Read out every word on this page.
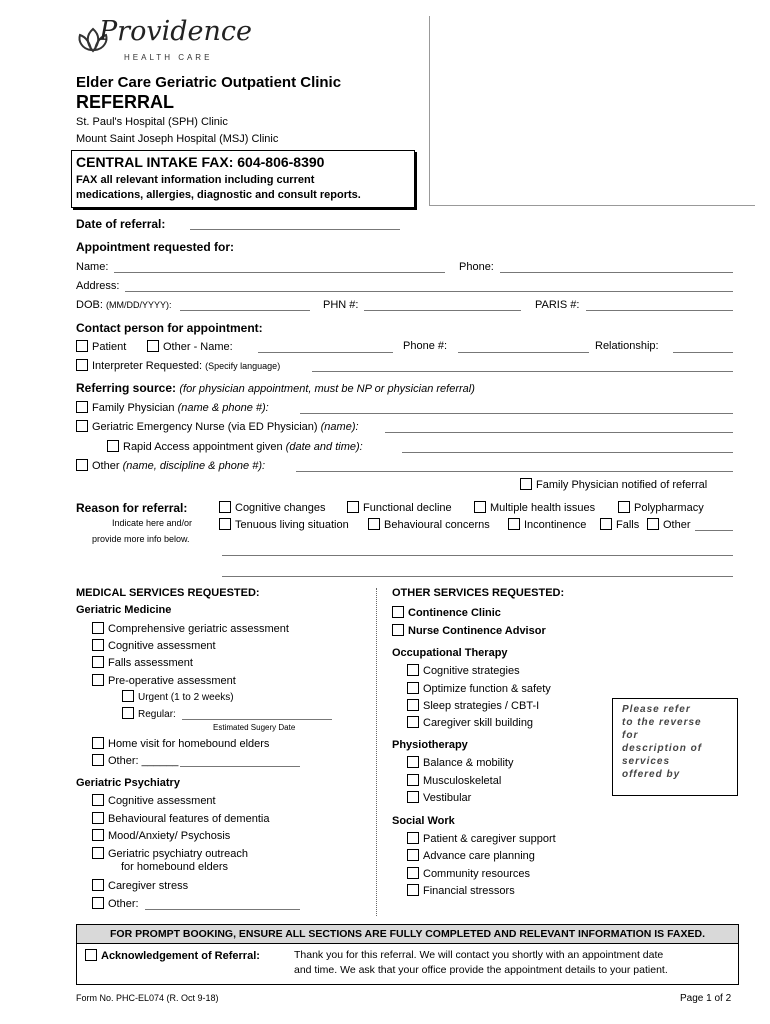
Providence
HEALTH CARE
Elder Care Geriatric Outpatient Clinic
REFERRAL
St. Paul's Hospital (SPH) Clinic
Mount Saint Joseph Hospital (MSJ) Clinic
CENTRAL INTAKE FAX: 604-806-8390
FAX all relevant information including current
medications, allergies, diagnostic and consult reports.
Date of referral:
Appointment requested for:
Name:	Phone:
Address:
DOB: (MM/DD/YYYY):	PHN #:	PARIS #:
Contact person for appointment:
Patient	Other - Name:	Phone #:	Relationship:
Interpreter Requested: (Specify language)
Referring source: (for physician appointment, must be NP or physician referral)
Family Physician (name & phone #):
Geriatric Emergency Nurse (via ED Physician) (name):
Rapid Access appointment given (date and time):
Other (name, discipline & phone #):
Family Physician notified of referral
Reason for referral:
Indicate here and/or
provide more info below.
Cognitive changes	Functional decline	Multiple health issues	Polypharmacy
Tenuous living situation	Behavioural concerns	Incontinence	Falls	Other
MEDICAL SERVICES REQUESTED:
Geriatric Medicine
Comprehensive geriatric assessment
Cognitive assessment
Falls assessment
Pre-operative assessment
Urgent (1 to 2 weeks)
Regular:
Estimated Sugery Date
Home visit for homebound elders
Other: ______
Geriatric Psychiatry
Cognitive assessment
Behavioural features of dementia
Mood/Anxiety/ Psychosis
Geriatric psychiatry outreach
for homebound elders
Caregiver stress
Other:
OTHER SERVICES REQUESTED:
Continence Clinic
Nurse Continence Advisor
Occupational Therapy
Cognitive strategies
Optimize function & safety
Sleep strategies / CBT-I
Caregiver skill building
Physiotherapy
Balance & mobility
Musculoskeletal
Vestibular
Social Work
Patient & caregiver support
Advance care planning
Community resources
Financial stressors
Please refer
to the reverse
for
description of
services
offered by
FOR PROMPT BOOKING, ENSURE ALL SECTIONS ARE FULLY COMPLETED AND RELEVANT INFORMATION IS FAXED.
Acknowledgement of Referral:	Thank you for this referral. We will contact you shortly with an appointment date
and time. We ask that your office provide the appointment details to your patient.
Form No. PHC-EL074 (R. Oct 9-18)	Page 1 of 2
